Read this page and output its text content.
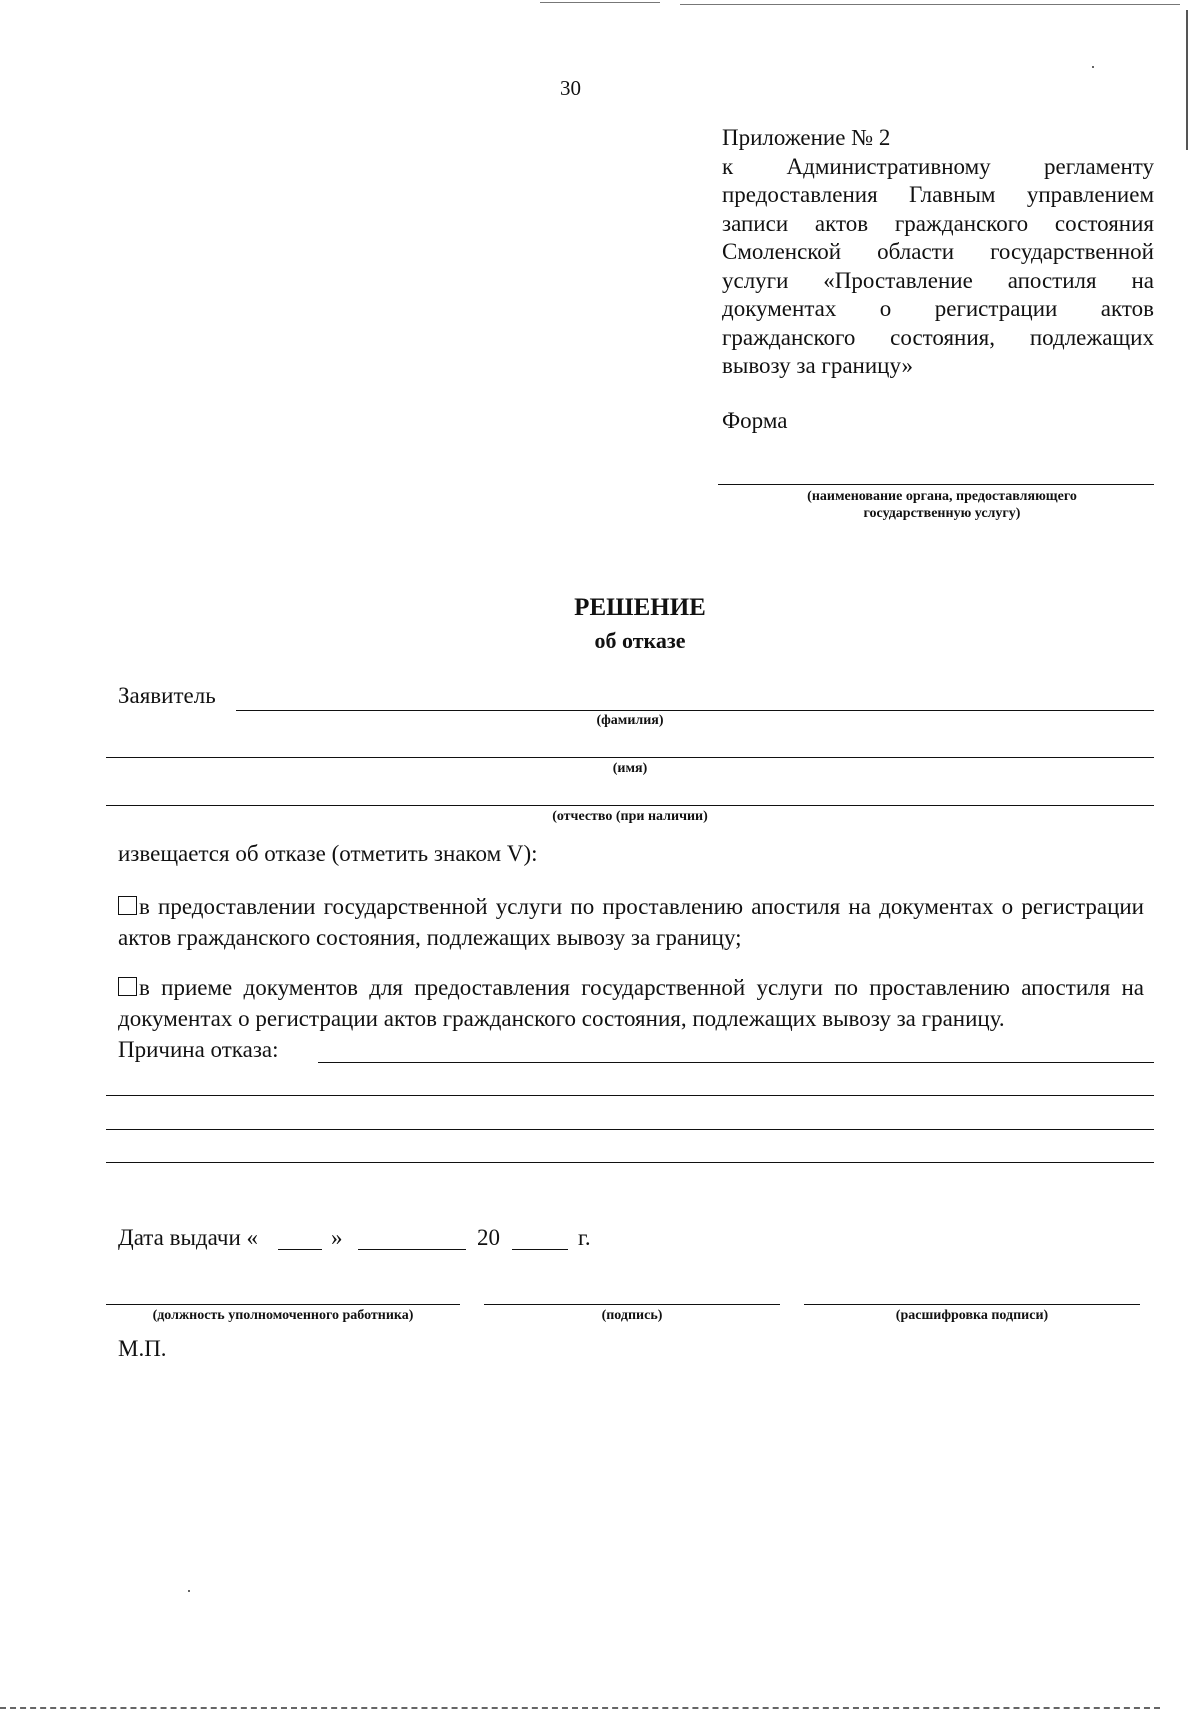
30
Приложение № 2
к Административному регламенту
предоставления Главным управлением
записи актов гражданского состояния
Смоленской области государственной
услуги «Проставление апостиля на
документах о регистрации актов
гражданского состояния, подлежащих
вывозу за границу»
Форма
(наименование органа, предоставляющего государственную услугу)
РЕШЕНИЕ
об отказе
Заявитель
(фамилия)
(имя)
(отчество (при наличии)
извещается об отказе (отметить знаком V):
в предоставлении государственной услуги по проставлению апостиля на документах о регистрации актов гражданского состояния, подлежащих вывозу за границу;
в приеме документов для предоставления государственной услуги по проставлению апостиля на документах о регистрации актов гражданского состояния, подлежащих вывозу за границу.
Причина отказа:
Дата выдачи «	»	20	г.
(должность уполномоченного работника)	(подпись)	(расшифровка подписи)
М.П.
